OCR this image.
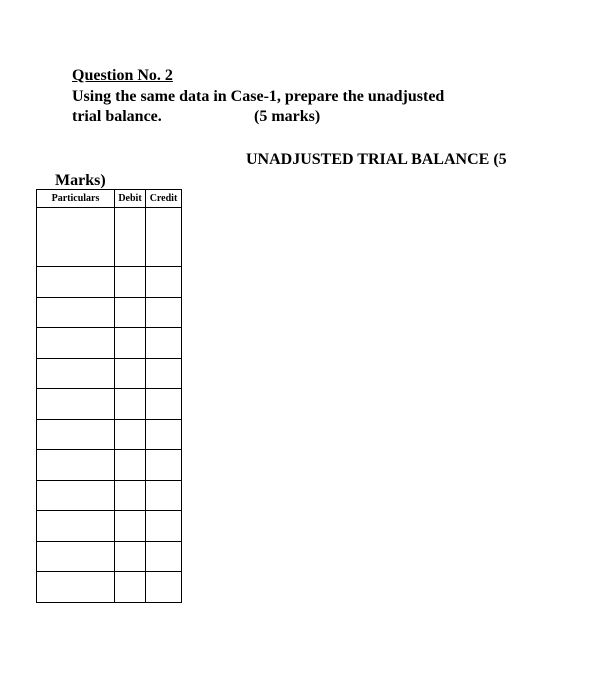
Question No. 2
Using the same data in Case-1, prepare the unadjusted
trial balance.	(5 marks)
UNADJUSTED TRIAL BALANCE (5
Marks)
Particulars	Debit	Credit
